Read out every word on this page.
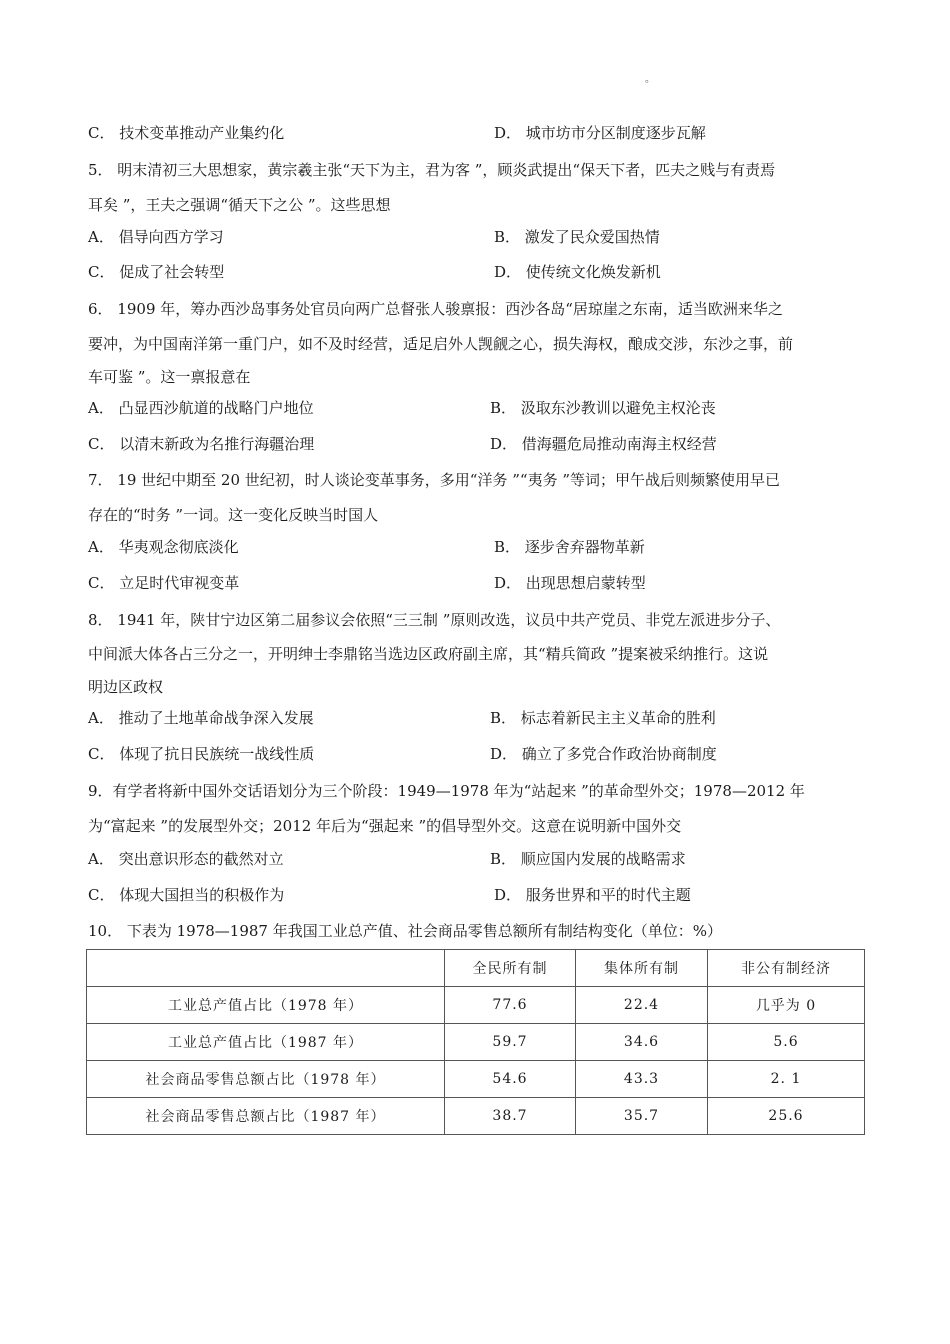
。
C． 技术变革推动产业集约化	D． 城市坊市分区制度逐步瓦解
5． 明末清初三大思想家，黄宗羲主张“天下为主，君为客 ”，顾炎武提出“保天下者，匹夫之贱与有责焉
耳矣 ”，王夫之强调“循天下之公 ”。这些思想
A． 倡导向西方学习	B． 激发了民众爱国热情
C． 促成了社会转型	D． 使传统文化焕发新机
6． 1909 年，筹办西沙岛事务处官员向两广总督张人骏禀报：西沙各岛“居琼崖之东南，适当欧洲来华之
要冲，为中国南洋第一重门户，如不及时经营，适足启外人觊觎之心，损失海权，酿成交涉，东沙之事，前
车可鉴 ”。这一禀报意在
A． 凸显西沙航道的战略门户地位	B． 汲取东沙教训以避免主权沦丧
C． 以清末新政为名推行海疆治理	D． 借海疆危局推动南海主权经营
7． 19 世纪中期至 20 世纪初，时人谈论变革事务，多用“洋务 ”“夷务 ”等词；甲午战后则频繁使用早已
存在的“时务 ”一词。这一变化反映当时国人
A． 华夷观念彻底淡化	B． 逐步舍弃器物革新
C． 立足时代审视变革	D． 出现思想启蒙转型
8． 1941 年，陕甘宁边区第二届参议会依照“三三制 ”原则改选，议员中共产党员、非党左派进步分子、
中间派大体各占三分之一，开明绅士李鼎铭当选边区政府副主席，其“精兵简政 ”提案被采纳推行。这说
明边区政权
A． 推动了土地革命战争深入发展	B． 标志着新民主主义革命的胜利
C． 体现了抗日民族统一战线性质	D． 确立了多党合作政治协商制度
9．有学者将新中国外交话语划分为三个阶段：1949—1978 年为“站起来 ”的革命型外交；1978—2012 年
为“富起来 ”的发展型外交；2012 年后为“强起来 ”的倡导型外交。这意在说明新中国外交
A． 突出意识形态的截然对立	B． 顺应国内发展的战略需求
C． 体现大国担当的积极作为	D． 服务世界和平的时代主题
10． 下表为 1978—1987 年我国工业总产值、社会商品零售总额所有制结构变化（单位：%）
	全民所有制	集体所有制	非公有制经济
工业总产值占比（1978 年）	77.6	22.4	几乎为 0
工业总产值占比（1987 年）	59.7	34.6	5.6
社会商品零售总额占比（1978 年）	54.6	43.3	2. 1
社会商品零售总额占比（1987 年）	38.7	35.7	25.6
